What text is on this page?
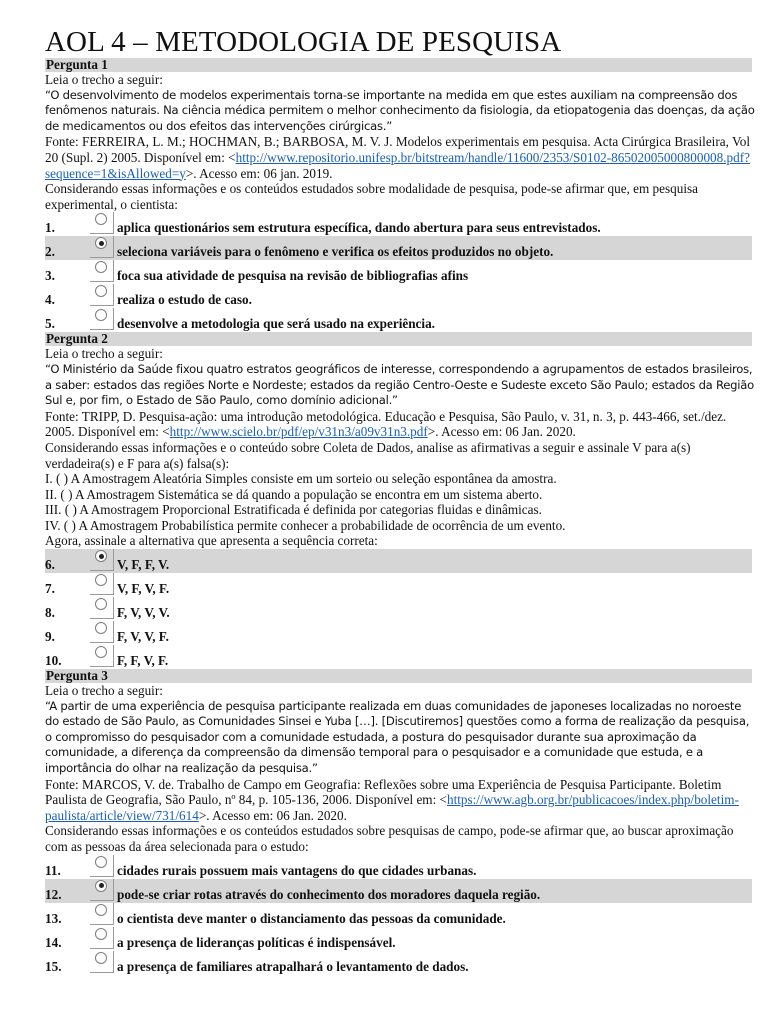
AOL 4 – METODOLOGIA DE PESQUISA
Pergunta 1

Leia o trecho a seguir:

“O desenvolvimento de modelos experimentais torna-se importante na medida em que estes auxiliam na compreensão dos fenômenos naturais. Na ciência médica permitem o melhor conhecimento da fisiologia, da etiopatogenia das doenças, da ação de medicamentos ou dos efeitos das intervenções cirúrgicas.”

Fonte: FERREIRA, L. M.; HOCHMAN, B.; BARBOSA, M. V. J. Modelos experimentais em pesquisa. Acta Cirúrgica Brasileira, Vol 20 (Supl. 2) 2005. Disponível em: <http://www.repositorio.unifesp.br/bitstream/handle/11600/2353/S0102-86502005000800008.pdf?sequence=1&isAllowed=y>. Acesso em: 06 jan. 2019.

Considerando essas informações e os conteúdos estudados sobre modalidade de pesquisa, pode-se afirmar que, em pesquisa experimental, o cientista:

1.	aplica questionários sem estrutura específica, dando abertura para seus entrevistados.
2.	seleciona variáveis para o fenômeno e verifica os efeitos produzidos no objeto.
3.	foca sua atividade de pesquisa na revisão de bibliografias afins
4.	realiza o estudo de caso.
5.	desenvolve a metodologia que será usado na experiência.
Pergunta 2

Leia o trecho a seguir:

“O Ministério da Saúde fixou quatro estratos geográficos de interesse, correspondendo a agrupamentos de estados brasileiros, a saber: estados das regiões Norte e Nordeste; estados da região Centro-Oeste e Sudeste exceto São Paulo; estados da Região Sul e, por fim, o Estado de São Paulo, como domínio adicional.”

Fonte: TRIPP, D. Pesquisa-ação: uma introdução metodológica. Educação e Pesquisa, São Paulo, v. 31, n. 3, p. 443-466, set./dez. 2005. Disponível em: <http://www.scielo.br/pdf/ep/v31n3/a09v31n3.pdf>. Acesso em: 06 Jan. 2020.

Considerando essas informações e o conteúdo sobre Coleta de Dados, analise as afirmativas a seguir e assinale V para a(s) verdadeira(s) e F para a(s) falsa(s):

I. ( ) A Amostragem Aleatória Simples consiste em um sorteio ou seleção espontânea da amostra.

II. ( ) A Amostragem Sistemática se dá quando a população se encontra em um sistema aberto.

III. ( ) A Amostragem Proporcional Estratificada é definida por categorias fluidas e dinâmicas.

IV. ( ) A Amostragem Probabilística permite conhecer a probabilidade de ocorrência de um evento.

Agora, assinale a alternativa que apresenta a sequência correta:

6.	V, F, F, V.
7.	V, F, V, F.
8.	F, V, V, V.
9.	F, V, V, F.
10.	F, F, V, F.
Pergunta 3

Leia o trecho a seguir:

“A partir de uma experiência de pesquisa participante realizada em duas comunidades de japoneses localizadas no noroeste do estado de São Paulo, as Comunidades Sinsei e Yuba […]. [Discutiremos] questões como a forma de realização da pesquisa, o compromisso do pesquisador com a comunidade estudada, a postura do pesquisador durante sua aproximação da comunidade, a diferença da compreensão da dimensão temporal para o pesquisador e a comunidade que estuda, e a importância do olhar na realização da pesquisa.”

Fonte: MARCOS, V. de. Trabalho de Campo em Geografia: Reflexões sobre uma Experiência de Pesquisa Participante. Boletim Paulista de Geografia, São Paulo, nº 84, p. 105-136, 2006. Disponível em: <https://www.agb.org.br/publicacoes/index.php/boletim-paulista/article/view/731/614>. Acesso em: 06 Jan. 2020.

Considerando essas informações e os conteúdos estudados sobre pesquisas de campo, pode-se afirmar que, ao buscar aproximação com as pessoas da área selecionada para o estudo:

11.	cidades rurais possuem mais vantagens do que cidades urbanas.
12.	pode-se criar rotas através do conhecimento dos moradores daquela região.
13.	o cientista deve manter o distanciamento das pessoas da comunidade.
14.	a presença de lideranças políticas é indispensável.
15.	a presença de familiares atrapalhará o levantamento de dados.
